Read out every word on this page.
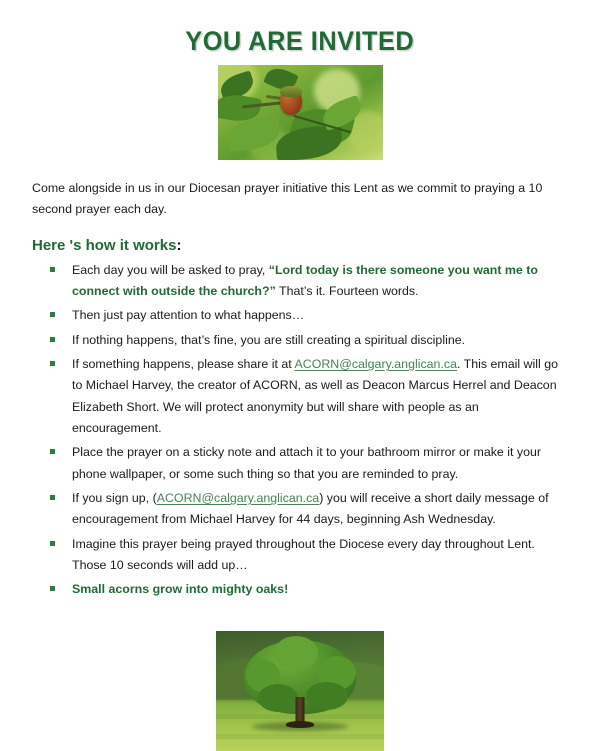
YOU ARE INVITED

Come alongside in us in our Diocesan prayer initiative this Lent as we commit to praying a 10 second prayer each day.

Here 's how it works:
Each day you will be asked to pray, “Lord today is there someone you want me to connect with outside the church?” That’s it. Fourteen words.
Then just pay attention to what happens…
If nothing happens, that’s fine, you are still creating a spiritual discipline.
If something happens, please share it at ACORN@calgary.anglican.ca. This email will go to Michael Harvey, the creator of ACORN, as well as Deacon Marcus Herrel and Deacon Elizabeth Short. We will protect anonymity but will share with people as an encouragement.
Place the prayer on a sticky note and attach it to your bathroom mirror or make it your phone wallpaper, or some such thing so that you are reminded to pray.
If you sign up, (ACORN@calgary.anglican.ca) you will receive a short daily message of encouragement from Michael Harvey for 44 days, beginning Ash Wednesday.
Imagine this prayer being prayed throughout the Diocese every day throughout Lent. Those 10 seconds will add up…
Small acorns grow into mighty oaks!
